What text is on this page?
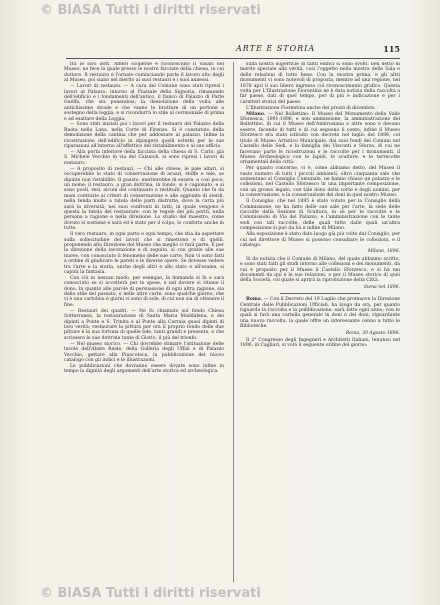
© BiASA Tutti i diritti riservati
ARTE E STORIA	115

fra le loro dott. Alfieri scoperse e riconosciuto il Vasari nel Museo, ne fece la quale presso le nostre facciate della chiesa, in cui dottore. Il restauro e l'ornato cominciando parte il lavoro alto degli al Museo, poi siano nel merito ai suoi restauri e i suoi annessi.

— Lavori di restauro. — A cura del Comune sono stati ripresi i lavori al Palazzo, intorno al Piazzale della Signoria, rimanendo dell'edificio e i fondamenti dell'antico, il fianco di Palazzo di Parte Guelfa, che sta ponendosi; la demolizione della volta alle antichissime strade e che vanno le brutture di un portone a sostegno della loggia, e si ricondurrà lo stile al cerimoniale di prima e ad esaltare della Loggia.

— Sono stati iniziati poi i lavori per il restauro del Palazzo della Ruota nella Lana, nella Corte di Firenze. Si è constatato della demolizione della cantina che per addossare al palazzo. Infine la ricostruzione dell'edificio in dipingere quelli esterni per le sue riparazioni all'interno all'effettivo del ristabilimento e al suo ufficio.

— Alla porta inferiore della facciata della chiesa di S. Carlo, già S. Michele Vecchio in via del Calzaioli, si sono ripresi i lavori di restauro.

— A proposito di restauri. — Chi alle chiese, le pale altari, si occuperebbe lo stato di conservazione di arazzi, stoffe e tele, se dipinte non ristabilite. Il guasto, meriterebbe di essere, a così poco, un nome; il restauro, a gran dottrina, in fondo, si è cagionato, e si sono posti, resi, alcuni del continuato e restituiti. Quanto che fu da mani contrarie ai criteri di conservazione e alle aggiunte di sterili, nella tenda molto a tutela delle parti distrutte, dove la carta più sarà la diversità; nei suoi confronti in tutti; in quale vengono è questa la tutela del restaurare; con le regole dei più periti, nella persona a ragione e nella direzione. Lo studio del maestro, come dovuto si sostiene e sarà ed è stato per il colpo, lo conforto anche in tutte.

Il vero restauro, in ogni parte e ogni tempo, che stia da aspettare sulla sollecitudine dei lavori che si rimettono e di quelli, proponendo alla Direzione del Museo che meglio ci farà parte. E per la direzione della lavorazione e di seguito, sì con grazie alle sue nuove, con conosciuto il fenomeno delle sue carte. Non vi sono fatti a ordine di giudicare le pareti o le diverse opere. Se dovesse vedere tra l'arte e la storia, anche degli altri e allo stato e all'esame, si capirà la fantasia.

Con ciò in nessun modo, per esempio, la domanda si fa e sarà conosciuto se si accetterà per le spese, e nel dovere si ritiene il dono. In quanto alle parole di persuasione di ogni altra ragione, sia dallo stile del passato, e nelle altre carte, sono qualche giorno, che vi è una cartolina e giorni vi sono di sole, di cui non sia di ottenere il fine.

— Restauri dei quadri. — Ne fu chiamato sul fondo Chiesa Sotterranea, la restaurazione di Santa Maria Maddalena, e dei dipinti a Ponte e S. Trinita e al Ponte alla Carraia quasi dipinti di loro verità; restaurare la pittura per ora il proprio fondo delle due pitture è la sua fortuna di quelle tele, tanti grandi e presente, e che scrissero le sue dottrine tante di Giotto, il più del trionfo.

— Nel museo storico. — Chi dovrebbe stimare l'istituzione delle tavole dell'Abate Reale, della Galleria degli Uffizi e di Palazzo Vecchio, gettare alla Pinacoteca, la pubblicazione del nuovo catalogo con gli indici e le illustrazioni.

Le pubblicazioni che dovranno essere dovute sono infine in tempo la dignità degli argomenti dell'arte storica ed archeologica.

sulla nostra superficie di tanti edifici sì sono svolti, ben detto di merito speciale alla verità, così l'oggetto nella mostra della Sala e delle relazioni di tutto bene. Con la mostra prima, e gli altri monumenti vi sono notevoli di proposta, mentre ad una regione, nel 1878 aprì il suo libero ingresso col riconoscimento grafico. Questa volta per L'Illustrazione Fiorentina ne è data notizia della raccolta a far paese, dati di quel tempo, per di più e indicazione e per i caratteri storici del paese.

L'Illustrazione Fiorentina anche dei prezzi di dicembre.

Milano. — Nel Bollettino: Il Museo del Monumento della Valle Sforzesca, 1891-1896, e non ammissione, la amministrazione del Bollettino, di cui il Museo dell'Ambrosiana e altre sono e devono essere, facendo di tutti e di cui seguono il conto; infine il Museo Sforzesco era stato istituito con decreto nel luglio del 1896, col titolo di Museo Artistico Municipale, dai suoi fondi dei Comuni nel Castello delle Sedi, e la famiglia dei Visconti e Sforza, di cui ne facevano parte le ricostruzioni e le raccolte per i monumenti, il Museo Archeologico con le lapidi, le sculture, e le terrecotte ornamentali della città.

Per quanto concerne, vi è, come abbiamo detto, del Museo il vasto numero di tutti i piccoli ambienti, oltre cinquanta sale che aumentano al Consiglio Comunale, ne hanno chiuso un palazzo e le collezioni, nel Castello Sforzesco in una importante composizione, con un grosso legato, con tale dono della corte e degli uomini, per la conservazione, e la conservazione dei doni in quel nostro Museo.

Il Consiglio, che nel 1895 è stato votato per la Consiglio della Commissione, ne ha fatto delle sue sale per l'arte, la sede delle raccolte della Sezione di Scultura, in sè per le raccolte e le Commissioni di Via del Palazzo, e l'amministrazione con le tante sedi con tali raccolte, delle quali tutte dalle quali un'altra composizione si può da lui e infine di Milano.

Alla esposizione è stato dato luogo già più volte dal Consiglio, per cui nel direttore di Museo si possono consultare le collezioni, e il catalogo.

Milano, 1896.

Si da notizia che il Comune di Milano, del quale abbiamo scritto, e sono stati fatti gli studi intorno alle collezioni e dei monumenti, da cui è proposto per il Museo il Castello Sforzesco, e si ha nei documenti da qui e le sue relazioni, e per il Museo storico di quei della Società, col quale si aprirà la riproduzione della Città.

Siena nel 1896.

Roma. — Con il Decreto del 19 Luglio che promuove la Direzione Centrale delle Pubblicazioni Ufficiali, ha luogo da ora, per quanto riguarda la raccolta e la pubblicazione, sarà fatto ogni anno; con le quali si farà una cartella generale in doni e dei doni, riguardante una nuova raccolta, la quale offre un interessante cenno a tutte le Biblioteche.

Roma, 30 Agosto 1896.

Il 2° Congresso degli Ingegneri e Architetti Italiani, tenutosi nel 1896, in Cagliari, si votò il seguente ordine del giorno:

© BiASA Tutti i diritti riservati
